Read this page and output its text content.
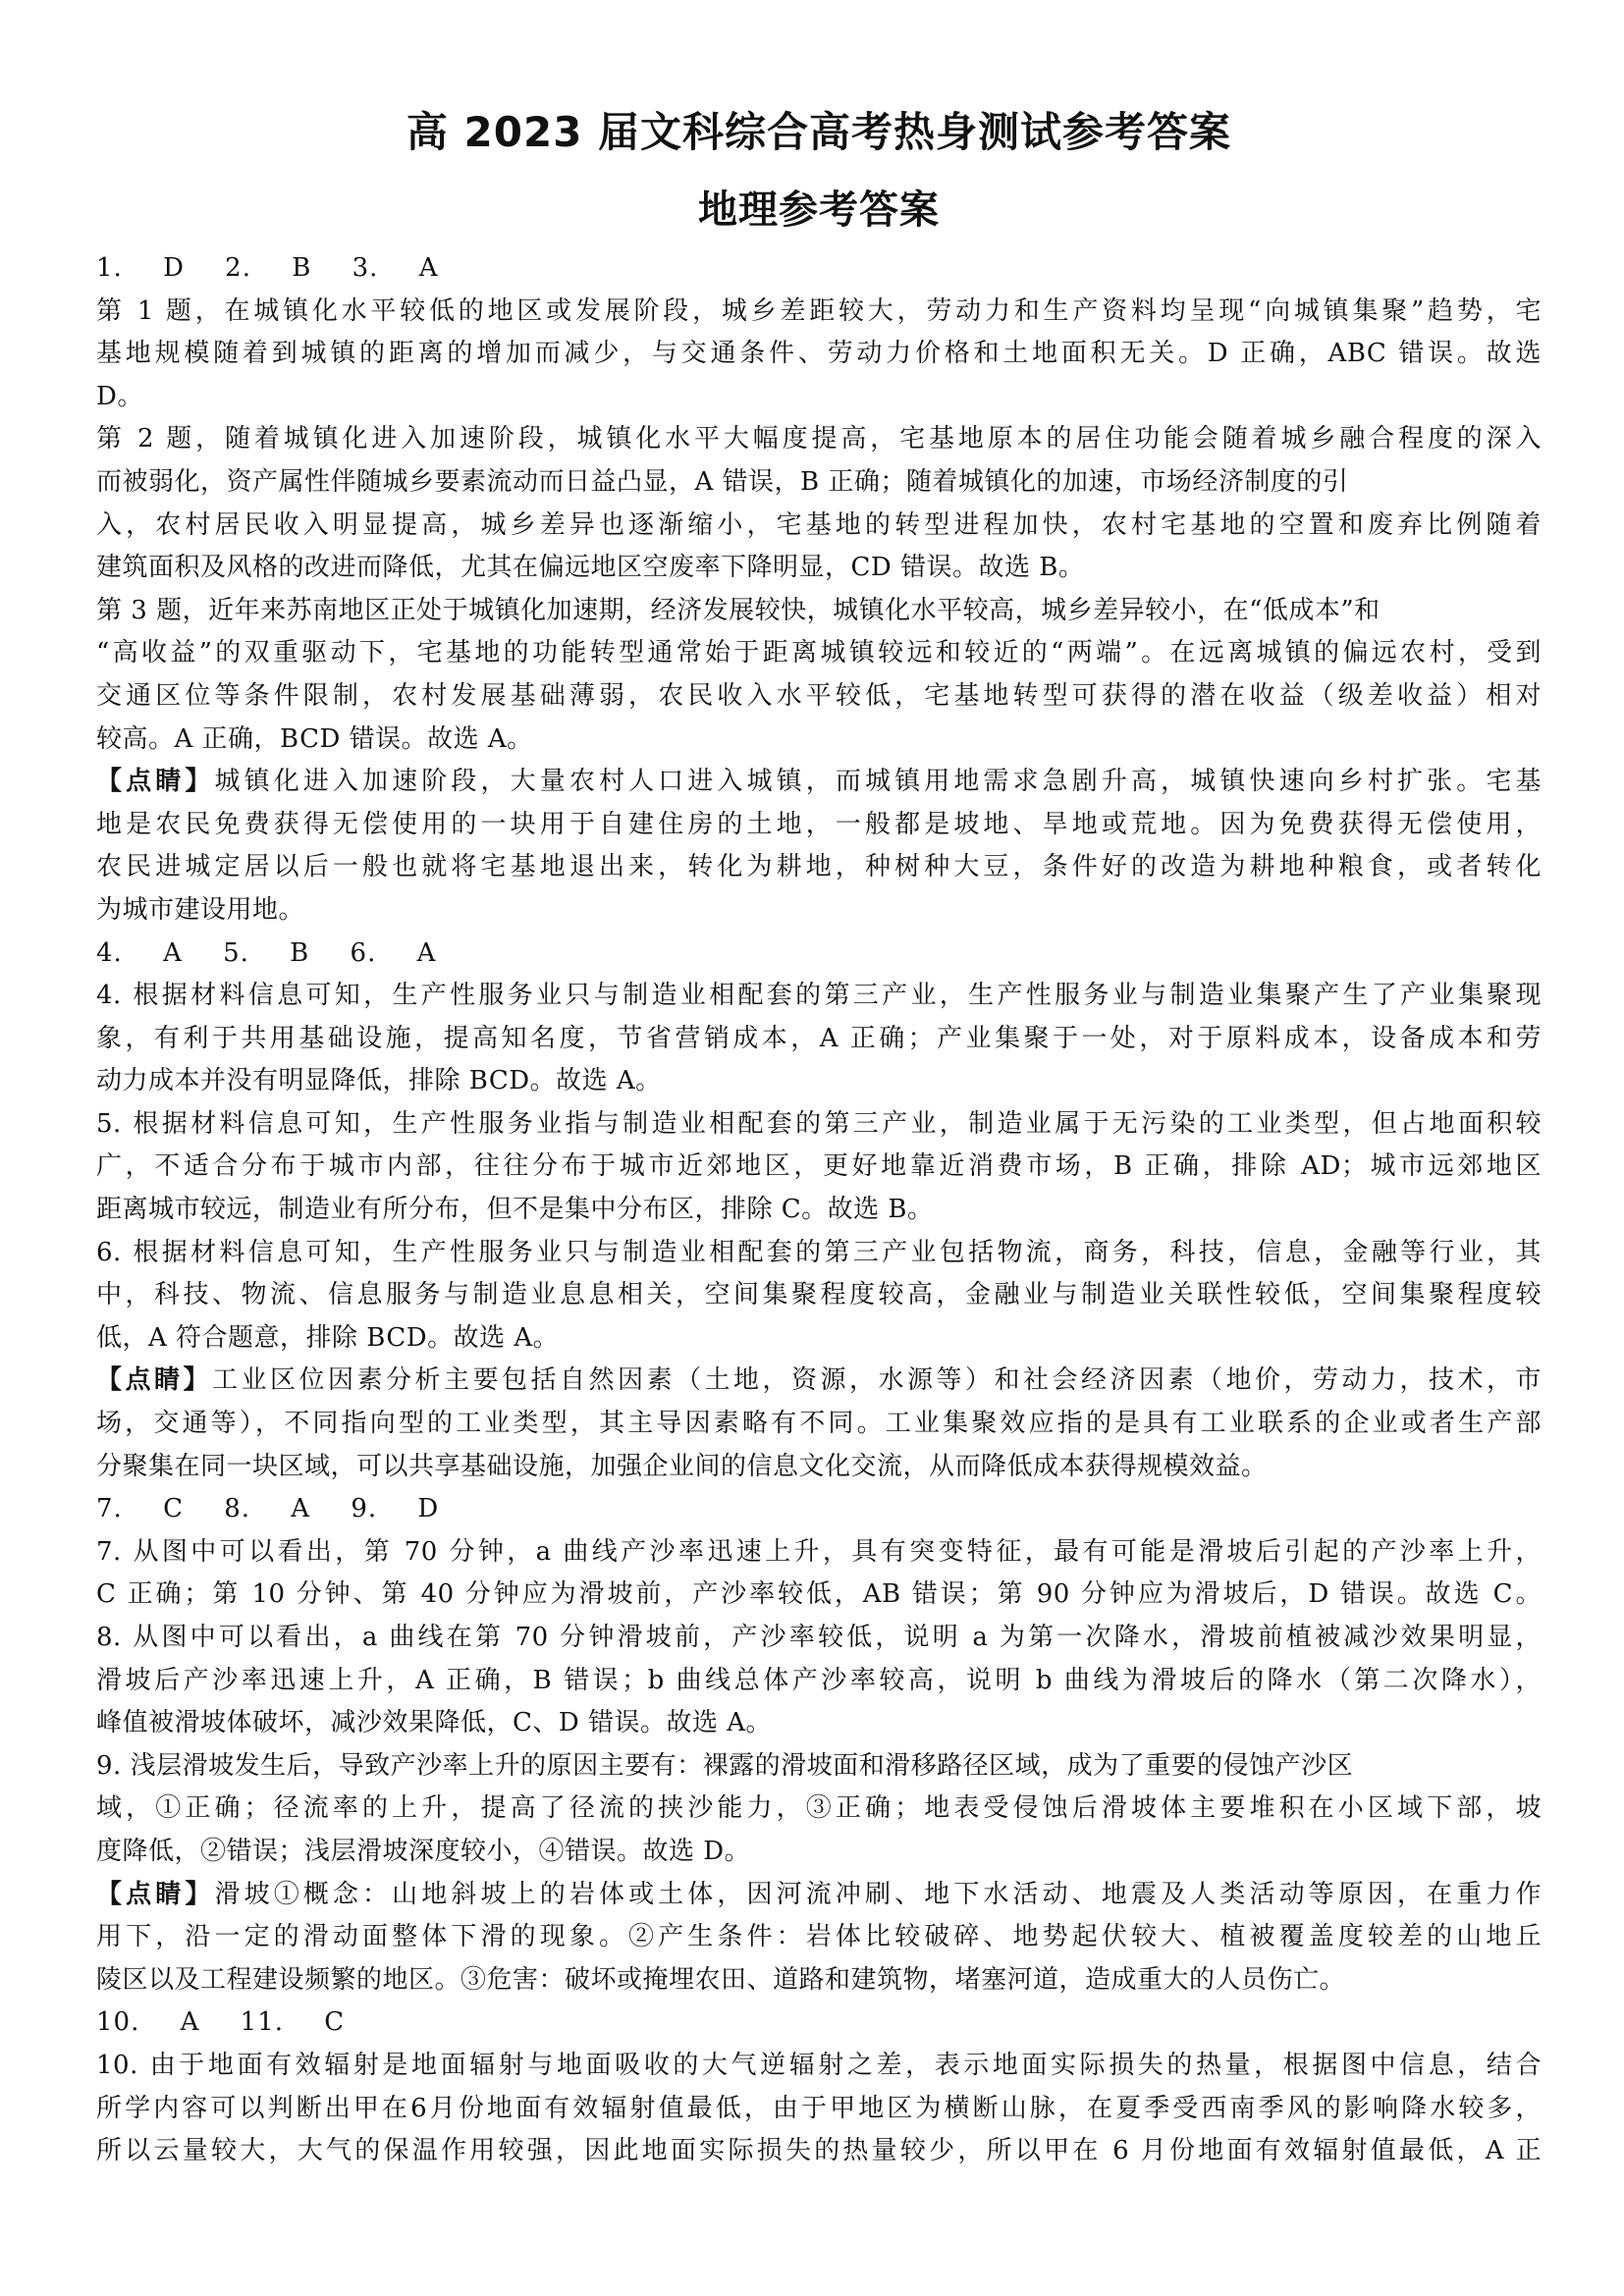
高 2023 届文科综合高考热身测试参考答案
地理参考答案
1. D 2. B 3. A
第 1 题，在城镇化水平较低的地区或发展阶段，城乡差距较大，劳动力和生产资料均呈现“向城镇集聚”趋势，宅
基地规模随着到城镇的距离的增加而减少，与交通条件、劳动力价格和土地面积无关。D 正确，ABC 错误。故选
D。
第 2 题，随着城镇化进入加速阶段，城镇化水平大幅度提高，宅基地原本的居住功能会随着城乡融合程度的深入
而被弱化，资产属性伴随城乡要素流动而日益凸显，A 错误，B 正确；随着城镇化的加速，市场经济制度的引
入，农村居民收入明显提高，城乡差异也逐渐缩小，宅基地的转型进程加快，农村宅基地的空置和废弃比例随着
建筑面积及风格的改进而降低，尤其在偏远地区空废率下降明显，CD 错误。故选 B。
第 3 题，近年来苏南地区正处于城镇化加速期，经济发展较快，城镇化水平较高，城乡差异较小，在“低成本”和
“高收益”的双重驱动下，宅基地的功能转型通常始于距离城镇较远和较近的“两端”。在远离城镇的偏远农村，受到
交通区位等条件限制，农村发展基础薄弱，农民收入水平较低，宅基地转型可获得的潜在收益（级差收益）相对
较高。A 正确，BCD 错误。故选 A。
【点睛】城镇化进入加速阶段，大量农村人口进入城镇，而城镇用地需求急剧升高，城镇快速向乡村扩张。宅基
地是农民免费获得无偿使用的一块用于自建住房的土地，一般都是坡地、旱地或荒地。因为免费获得无偿使用，
农民进城定居以后一般也就将宅基地退出来，转化为耕地，种树种大豆，条件好的改造为耕地种粮食，或者转化
为城市建设用地。
4. A 5. B 6. A
4. 根据材料信息可知，生产性服务业只与制造业相配套的第三产业，生产性服务业与制造业集聚产生了产业集聚现
象，有利于共用基础设施，提高知名度，节省营销成本，A 正确；产业集聚于一处，对于原料成本，设备成本和劳
动力成本并没有明显降低，排除 BCD。故选 A。
5. 根据材料信息可知，生产性服务业指与制造业相配套的第三产业，制造业属于无污染的工业类型，但占地面积较
广，不适合分布于城市内部，往往分布于城市近郊地区，更好地靠近消费市场，B 正确，排除 AD；城市远郊地区
距离城市较远，制造业有所分布，但不是集中分布区，排除 C。故选 B。
6. 根据材料信息可知，生产性服务业只与制造业相配套的第三产业包括物流，商务，科技，信息，金融等行业，其
中，科技、物流、信息服务与制造业息息相关，空间集聚程度较高，金融业与制造业关联性较低，空间集聚程度较
低，A 符合题意，排除 BCD。故选 A。
【点睛】工业区位因素分析主要包括自然因素（土地，资源，水源等）和社会经济因素（地价，劳动力，技术，市
场，交通等），不同指向型的工业类型，其主导因素略有不同。工业集聚效应指的是具有工业联系的企业或者生产部
分聚集在同一块区域，可以共享基础设施，加强企业间的信息文化交流，从而降低成本获得规模效益。
7. C 8. A 9. D
7. 从图中可以看出，第 70 分钟，a 曲线产沙率迅速上升，具有突变特征，最有可能是滑坡后引起的产沙率上升，
C 正确；第 10 分钟、第 40 分钟应为滑坡前，产沙率较低，AB 错误；第 90 分钟应为滑坡后，D 错误。故选 C。
8. 从图中可以看出，a 曲线在第 70 分钟滑坡前，产沙率较低，说明 a 为第一次降水，滑坡前植被减沙效果明显，
滑坡后产沙率迅速上升，A 正确，B 错误；b 曲线总体产沙率较高，说明 b 曲线为滑坡后的降水（第二次降水），
峰值被滑坡体破坏，减沙效果降低，C、D 错误。故选 A。
9. 浅层滑坡发生后，导致产沙率上升的原因主要有：裸露的滑坡面和滑移路径区域，成为了重要的侵蚀产沙区
域，①正确；径流率的上升，提高了径流的挟沙能力，③正确；地表受侵蚀后滑坡体主要堆积在小区域下部，坡
度降低，②错误；浅层滑坡深度较小，④错误。故选 D。
【点睛】滑坡①概念：山地斜坡上的岩体或土体，因河流冲刷、地下水活动、地震及人类活动等原因，在重力作
用下，沿一定的滑动面整体下滑的现象。②产生条件：岩体比较破碎、地势起伏较大、植被覆盖度较差的山地丘
陵区以及工程建设频繁的地区。③危害：破坏或掩埋农田、道路和建筑物，堵塞河道，造成重大的人员伤亡。
10. A 11. C
10. 由于地面有效辐射是地面辐射与地面吸收的大气逆辐射之差，表示地面实际损失的热量，根据图中信息，结合
所学内容可以判断出甲在6月份地面有效辐射值最低，由于甲地区为横断山脉，在夏季受西南季风的影响降水较多，
所以云量较大，大气的保温作用较强，因此地面实际损失的热量较少，所以甲在 6 月份地面有效辐射值最低，A 正
